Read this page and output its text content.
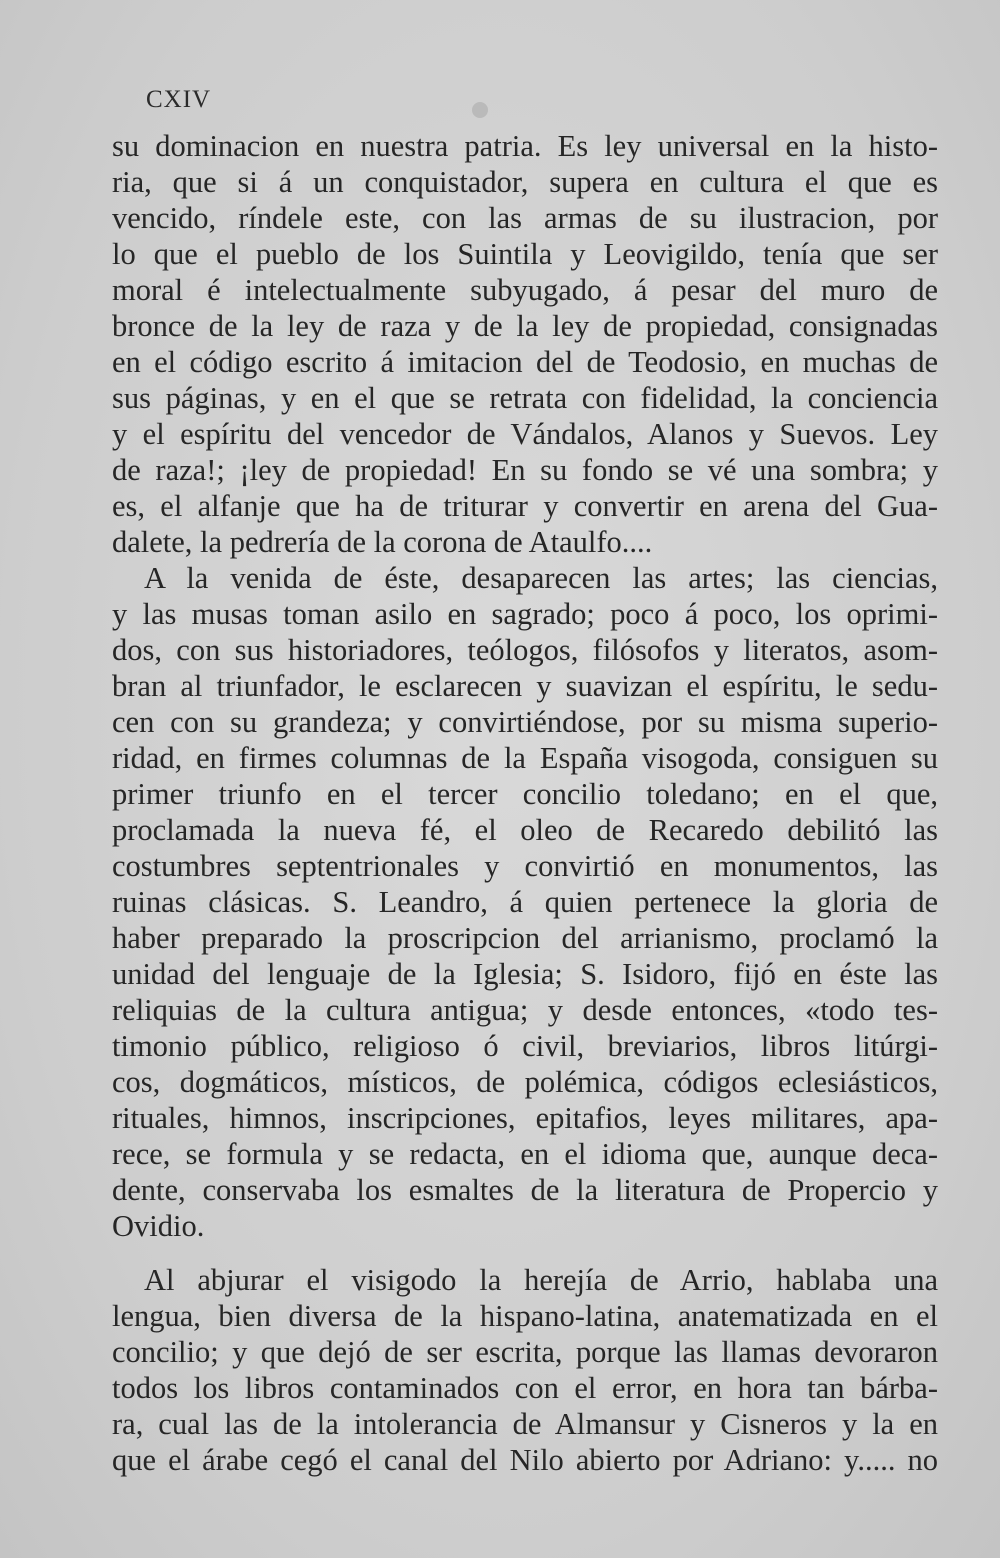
CXIV
su dominacion en nuestra patria. Es ley universal en la histo-
ria, que si á un conquistador, supera en cultura el que es
vencido, ríndele este, con las armas de su ilustracion, por
lo que el pueblo de los Suintila y Leovigildo, tenía que ser
moral é intelectualmente subyugado, á pesar del muro de
bronce de la ley de raza y de la ley de propiedad, consignadas
en el código escrito á imitacion del de Teodosio, en muchas de
sus páginas, y en el que se retrata con fidelidad, la conciencia
y el espíritu del vencedor de Vándalos, Alanos y Suevos. Ley
de raza!; ¡ley de propiedad! En su fondo se vé una sombra; y
es, el alfanje que ha de triturar y convertir en arena del Gua-
dalete, la pedrería de la corona de Ataulfo....
A la venida de éste, desaparecen las artes; las ciencias,
y las musas toman asilo en sagrado; poco á poco, los oprimi-
dos, con sus historiadores, teólogos, filósofos y literatos, asom-
bran al triunfador, le esclarecen y suavizan el espíritu, le sedu-
cen con su grandeza; y convirtiéndose, por su misma superio-
ridad, en firmes columnas de la España visogoda, consiguen su
primer triunfo en el tercer concilio toledano; en el que,
proclamada la nueva fé, el oleo de Recaredo debilitó las
costumbres septentrionales y convirtió en monumentos, las
ruinas clásicas. S. Leandro, á quien pertenece la gloria de
haber preparado la proscripcion del arrianismo, proclamó la
unidad del lenguaje de la Iglesia; S. Isidoro, fijó en éste las
reliquias de la cultura antigua; y desde entonces, «todo tes-
timonio público, religioso ó civil, breviarios, libros litúrgi-
cos, dogmáticos, místicos, de polémica, códigos eclesiásticos,
rituales, himnos, inscripciones, epitafios, leyes militares, apa-
rece, se formula y se redacta, en el idioma que, aunque deca-
dente, conservaba los esmaltes de la literatura de Propercio y
Ovidio.
Al abjurar el visigodo la herejía de Arrio, hablaba una
lengua, bien diversa de la hispano-latina, anatematizada en el
concilio; y que dejó de ser escrita, porque las llamas devoraron
todos los libros contaminados con el error, en hora tan bárba-
ra, cual las de la intolerancia de Almansur y Cisneros y la en
que el árabe cegó el canal del Nilo abierto por Adriano: y..... no
